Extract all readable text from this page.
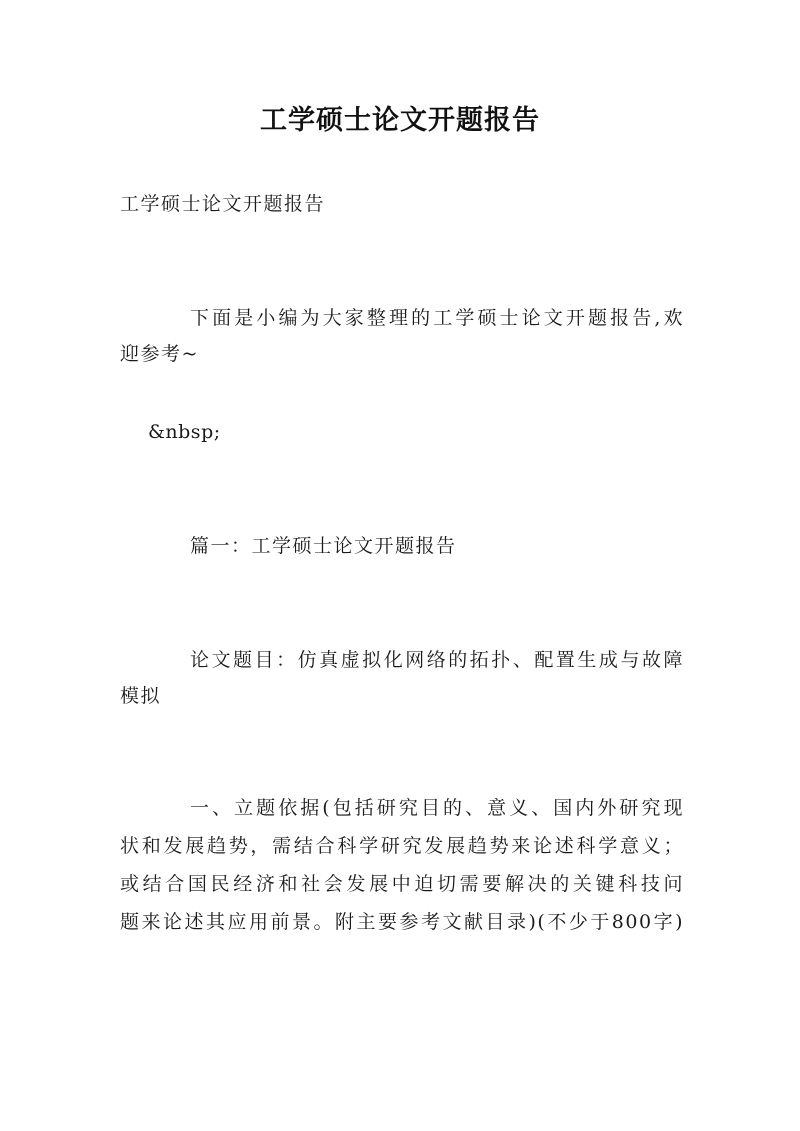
工学硕士论文开题报告
工学硕士论文开题报告
下面是小编为大家整理的工学硕士论文开题报告,欢
迎参考~
&nbsp;
篇一：工学硕士论文开题报告
论文题目：仿真虚拟化网络的拓扑、配置生成与故障
模拟
一、立题依据(包括研究目的、意义、国内外研究现
状和发展趋势，需结合科学研究发展趋势来论述科学意义；
或结合国民经济和社会发展中迫切需要解决的关键科技问
题来论述其应用前景。附主要参考文献目录)(不少于800字)
